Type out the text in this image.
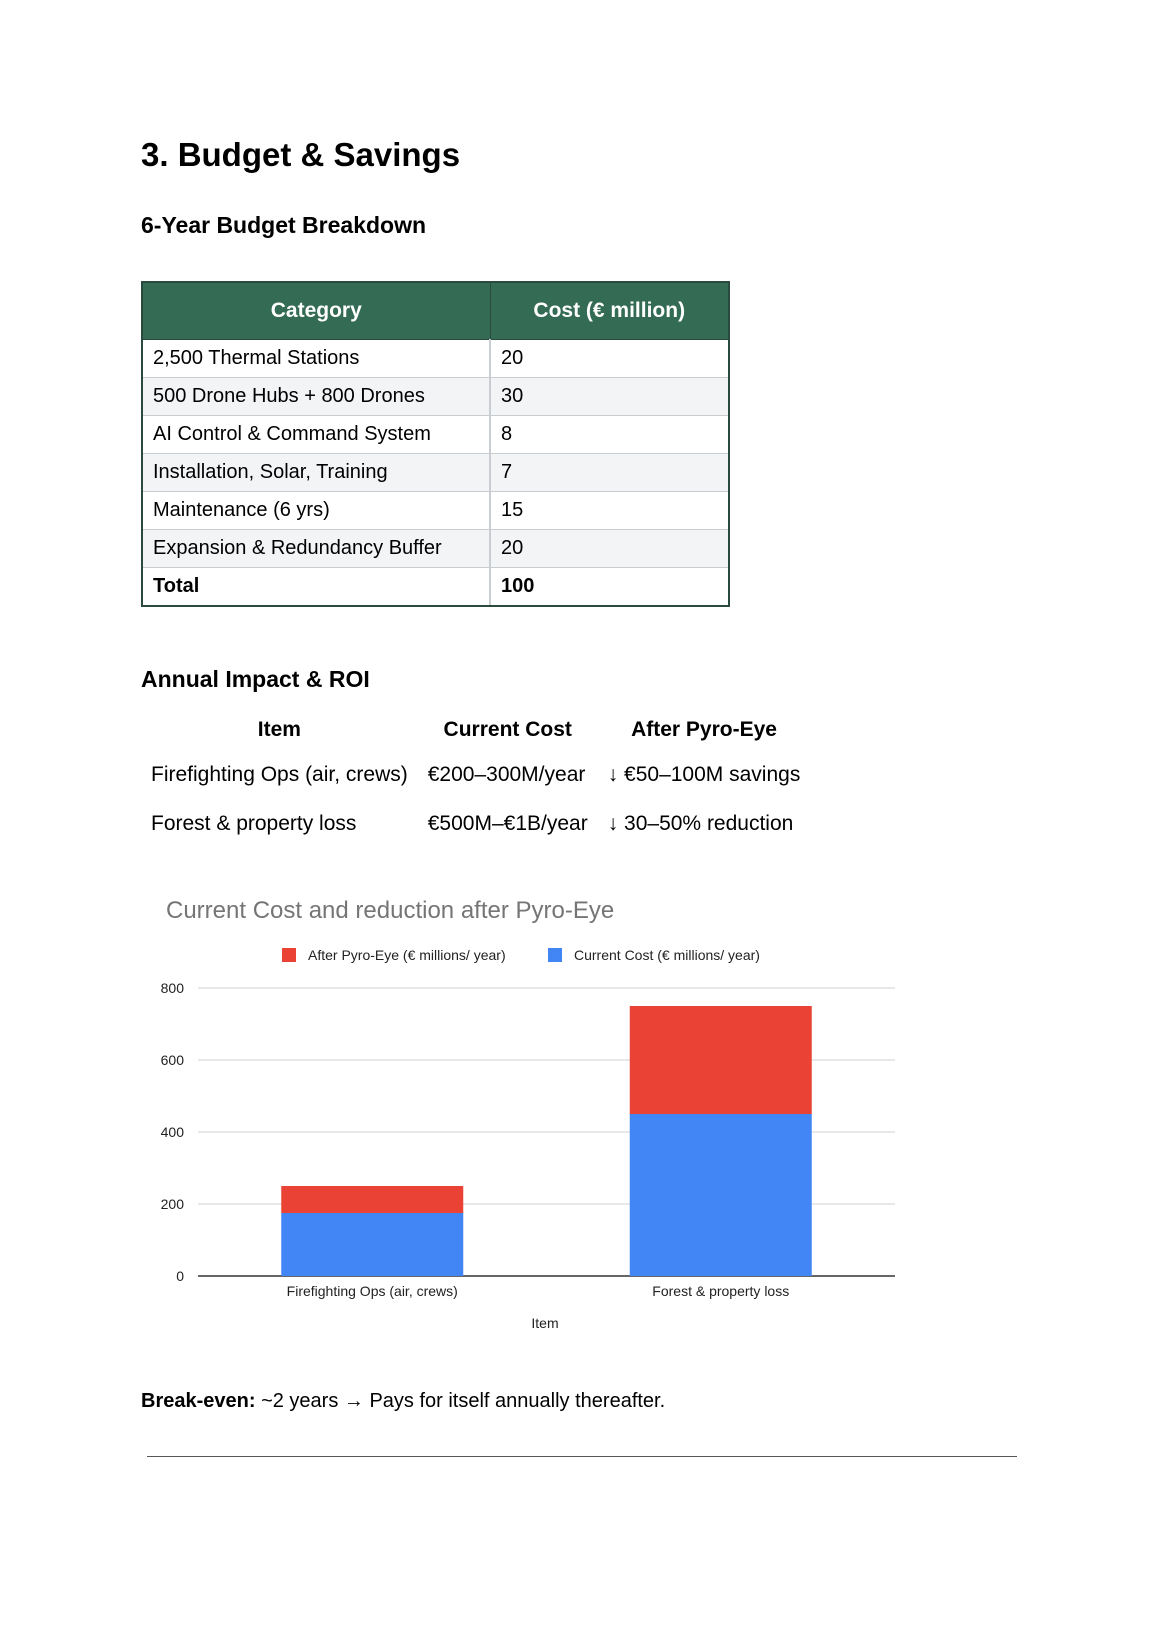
3. Budget & Savings
6-Year Budget Breakdown
Category	Cost (€ million)
2,500 Thermal Stations	20
500 Drone Hubs + 800 Drones	30
AI Control & Command System	8
Installation, Solar, Training	7
Maintenance (6 yrs)	15
Expansion & Redundancy Buffer	20
Total	100
Annual Impact & ROI
Item	Current Cost	After Pyro-Eye
Firefighting Ops (air, crews)	€200–300M/year	↓ €50–100M savings
Forest & property loss	€500M–€1B/year	↓ 30–50% reduction
Current Cost and reduction after Pyro-Eye
After Pyro-Eye (€ millions/ year)	Current Cost (€ millions/ year)
0
200
400
600
800
Firefighting Ops (air, crews)	Forest & property loss
Item
Break-even: ~2 years → Pays for itself annually thereafter.
